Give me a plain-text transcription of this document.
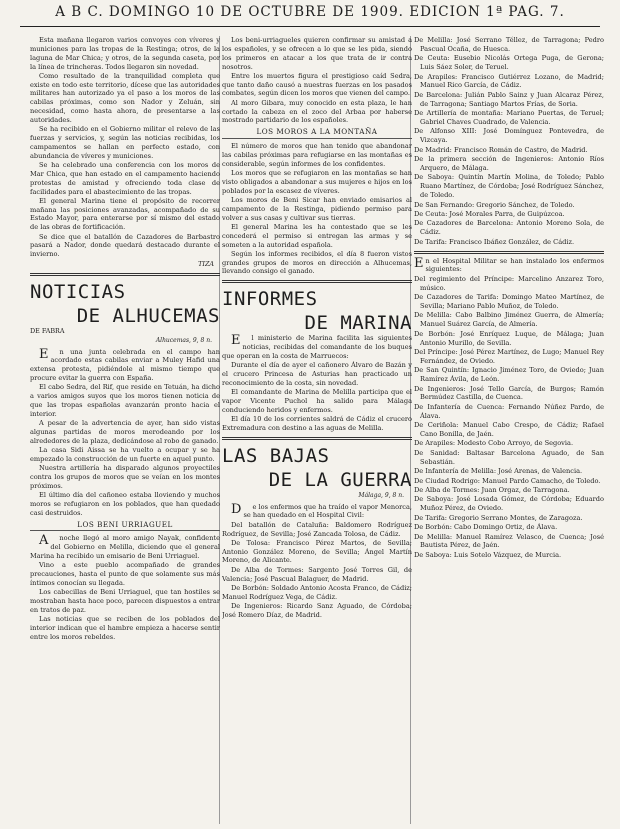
A B C. DOMINGO 10 DE OCTUBRE DE 1909. EDICION 1ª PAG. 7.

Esta mañana llegaron varios convoyes con víveres y municiones para las tropas de la Restinga; otros, de la laguna de Mar Chica; y otros, de la segunda caseta, por la línea de trincheras. Todos llegaron sin novedad.

Como resultado de la tranquilidad completa que existe en todo este territorio, dícese que las autoridades militares han autorizado ya el paso a los moros de las cabilas próximas, como son Nador y Zeluán, sin necesidad, como hasta ahora, de presentarse a las autoridades.

Se ha recibido en el Gobierno militar el relevo de las fuerzas y servicios, y, según las noticias recibidas, los campamentos se hallan en perfecto estado, con abundancia de víveres y municiones.

Se ha celebrado una conferencia con los moros de Mar Chica, que han estado en el campamento haciendo protestas de amistad y ofreciendo toda clase de facilidades para el abastecimiento de las tropas.

El general Marina tiene el propósito de recorrer mañana las posiciones avanzadas, acompañado de su Estado Mayor, para enterarse por sí mismo del estado de las obras de fortificación.

Se dice que el batallón de Cazadores de Barbastro pasará a Nador, donde quedará destacado durante el invierno.

TIZA
NOTICIAS
DE ALHUCEMAS
DE FABRA
Alhucemas, 9, 8 n.

En una junta celebrada en el campo han acordado estas cabilas enviar a Muley Hafid una extensa protesta, pidiéndole al mismo tiempo que procure evitar la guerra con España.

El cabo Sedra, del Rif, que reside en Tetuán, ha dicho a varios amigos suyos que los moros tienen noticia de que las tropas españolas avanzarán pronto hacia el interior.

A pesar de la advertencia de ayer, han sido vistas algunas partidas de moros merodeando por los alrededores de la plaza, dedicándose al robo de ganado.

La casa Sidi Aissa se ha vuelto a ocupar y se ha empezado la construcción de un fuerte en aquel punto.

Nuestra artillería ha disparado algunos proyectiles contra los grupos de moros que se veían en los montes próximos.

El último día del cañoneo estaba lloviendo y muchos moros se refugiaron en los poblados, que han quedado casi destruidos.

LOS BENI URRIAGUEL

Anoche llegó al moro amigo Nayak, confidente del Gobierno en Melilla, diciendo que el general Marina ha recibido un emisario de Beni Urriaguel.

Vino a este pueblo acompañado de grandes precauciones, hasta el punto de que solamente sus más íntimos conocían su llegada.

Los cabecillas de Beni Urriaguel, que tan hostiles se mostraban hasta hace poco, parecen dispuestos a entrar en tratos de paz.

Las noticias que se reciben de los poblados del interior indican que el hambre empieza a hacerse sentir entre los moros rebeldes.

Los beni-urriagueles quieren confirmar su amistad a los españoles, y se ofrecen a lo que se les pida, siendo los primeros en atacar a los que trata de ir contra nosotros.

Entre los muertos figura el prestigioso caíd Sedra, que tanto daño causó a nuestras fuerzas en los pasados combates, según dicen los moros que vienen del campo.

Al moro Gibara, muy conocido en esta plaza, le han cortado la cabeza en el zoco del Arbaa por haberse mostrado partidario de los españoles.

LOS MOROS A LA MONTAÑA

El número de moros que han tenido que abandonar las cabilas próximas para refugiarse en las montañas es considerable, según informes de los confidentes.

Los moros que se refugiaron en las montañas se han visto obligados a abandonar a sus mujeres e hijos en los poblados por la escasez de víveres.

Los moros de Beni Sicar han enviado emisarios al campamento de la Restinga, pidiendo permiso para volver a sus casas y cultivar sus tierras.

El general Marina les ha contestado que se les concederá el permiso si entregan las armas y se someten a la autoridad española.

Según los informes recibidos, el día 8 fueron vistos grandes grupos de moros en dirección a Alhucemas, llevando consigo el ganado.

INFORMES
DE MARINA

El ministerio de Marina facilita las siguientes noticias, recibidas del comandante de los buques que operan en la costa de Marruecos:

Durante el día de ayer el cañonero Álvaro de Bazán y el crucero Princesa de Asturias han practicado un reconocimiento de la costa, sin novedad.

El comandante de Marina de Melilla participa que el vapor Vicente Puchol ha salido para Málaga conduciendo heridos y enfermos.

El día 10 de los corrientes saldrá de Cádiz el crucero Extremadura con destino a las aguas de Melilla.

LAS BAJAS
DE LA GUERRA
Málaga, 9, 8 n.

De los enfermos que ha traído el vapor Menorca, se han quedado en el Hospital Civil:

Del batallón de Cataluña: Baldomero Rodríguez Rodríguez, de Sevilla; José Zancada Tolosa, de Cádiz.

De Tolosa: Francisco Pérez Martos, de Sevilla; Antonio González Moreno, de Sevilla; Ángel Martín Moreno, de Alicante.

De Alba de Tormes: Sargento José Torres Gil, de Valencia; José Pascual Balaguer, de Madrid.

De Borbón: Soldado Antonio Acosta Franco, de Cádiz; Manuel Rodríguez Vega, de Cádiz.

De Ingenieros: Ricardo Sanz Aguado, de Córdoba; José Romero Díaz, de Madrid.

De Melilla: José Serrano Téllez, de Tarragona; Pedro Pascual Ocaña, de Huesca.

De Ceuta: Eusebio Nicolás Ortega Puga, de Gerona; Luis Sáez Soler, de Teruel.

De Arapiles: Francisco Gutiérrez Lozano, de Madrid; Manuel Rico García, de Cádiz.

De Barcelona: Julián Pablo Sainz y Juan Alcaraz Pérez, de Tarragona; Santiago Martos Frías, de Soria.

De Artillería de montaña: Mariano Puertas, de Teruel; Gabriel Chaves Cuadrado, de Valencia.

De Alfonso XIII: José Domínguez Pontevedra, de Vizcaya.

De Madrid: Francisco Román de Castro, de Madrid.

De la primera sección de Ingenieros: Antonio Ríos Arquero, de Málaga.

De Saboya: Quintín Martín Molina, de Toledo; Pablo Ruano Martínez, de Córdoba; José Rodríguez Sánchez, de Toledo.

De San Fernando: Gregorio Sánchez, de Toledo.

De Ceuta: José Morales Parra, de Guipúzcoa.

De Cazadores de Barcelona: Antonio Moreno Sola, de Cádiz.

De Tarifa: Francisco Ibáñez González, de Cádiz.

En el Hospital Militar se han instalado los enfermos siguientes:

Del regimiento del Príncipe: Marcelino Anzarez Toro, músico.

De Cazadores de Tarifa: Domingo Mateo Martínez, de Sevilla; Mariano Pablo Muñoz, de Toledo.

De Melilla: Cabo Balbino Jiménez Guerra, de Almería; Manuel Suárez García, de Almería.

De Borbón: José Enríquez Luque, de Málaga; Juan Antonio Murillo, de Sevilla.

Del Príncipe: José Pérez Martínez, de Lugo; Manuel Rey Fernández, de Oviedo.

De San Quintín: Ignacio Jiménez Toro, de Oviedo; Juan Ramírez Ávila, de León.

De Ingenieros: José Tello García, de Burgos; Ramón Bermúdez Castilla, de Cuenca.

De Infantería de Cuenca: Fernando Núñez Pardo, de Álava.

De Ceriñola: Manuel Cabo Crespo, de Cádiz; Rafael Cano Bonilla, de Jaén.

De Arapiles: Modesto Cobo Arroyo, de Segovia.

De Sanidad: Baltasar Barcelona Aguado, de San Sebastián.

De Infantería de Melilla: José Arenas, de Valencia.

De Ciudad Rodrigo: Manuel Pardo Camacho, de Toledo.

De Alba de Tormes: Juan Orgaz, de Tarragona.

De Saboya: José Losada Gómez, de Córdoba; Eduardo Muñoz Pérez, de Oviedo.

De Tarifa: Gregorio Serrano Montes, de Zaragoza.

De Borbón: Cabo Domingo Ortiz, de Álava.

De Melilla: Manuel Ramírez Velasco, de Cuenca; José Bautista Pérez, de Jaén.

De Saboya: Luis Sotelo Vázquez, de Murcia.
